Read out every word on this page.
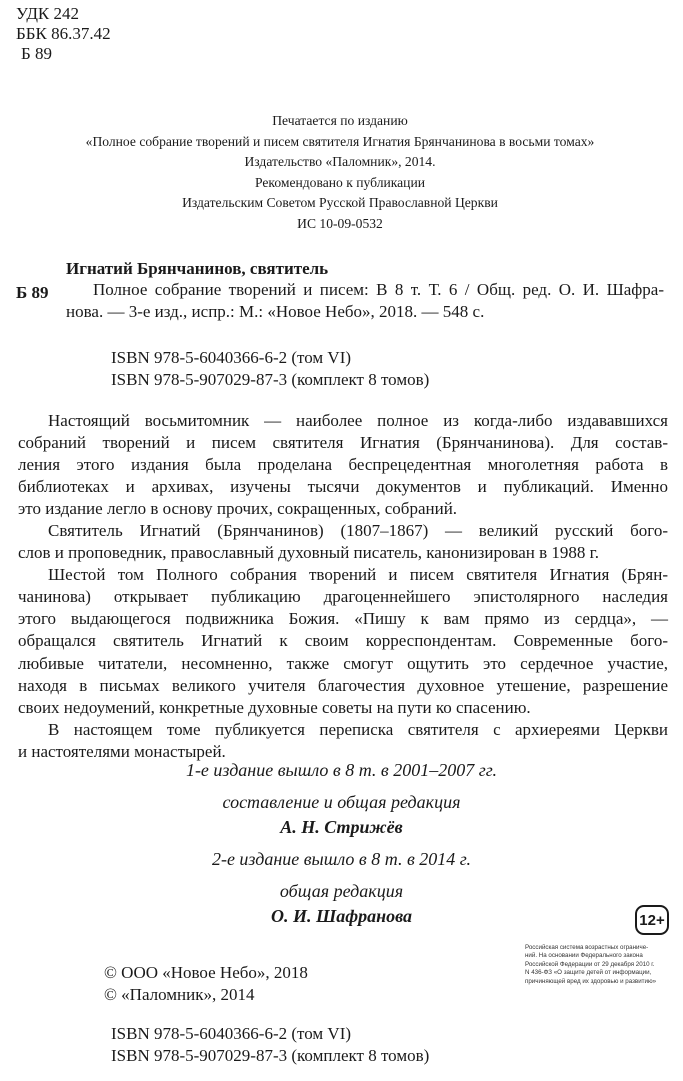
УДК 242
ББК 86.37.42
Б 89
Печатается по изданию
«Полное собрание творений и писем святителя Игнатия Брянчанинова в восьми томах»
Издательство «Паломник», 2014.
Рекомендовано к публикации
Издательским Советом Русской Православной Церкви
ИС 10-09-0532
Игнатий Брянчанинов, святитель
Б 89	Полное собрание творений и писем: В 8 т. Т. 6 / Общ. ред. О. И. Шафра-
нова. — 3-е изд., испр.: М.: «Новое Небо», 2018. — 548 с.
ISBN 978-5-6040366-6-2 (том VI)
ISBN 978-5-907029-87-3 (комплект 8 томов)
Настоящий восьмитомник — наиболее полное из когда-либо издававшихся
собраний творений и писем святителя Игнатия (Брянчанинова). Для состав-
ления этого издания была проделана беспрецедентная многолетняя работа в
библиотеках и архивах, изучены тысячи документов и публикаций. Именно
это издание легло в основу прочих, сокращенных, собраний.
Святитель Игнатий (Брянчанинов) (1807–1867) — великий русский бого-
слов и проповедник, православный духовный писатель, канонизирован в 1988 г.
Шестой том Полного собрания творений и писем святителя Игнатия (Брян-
чанинова) открывает публикацию драгоценнейшего эпистолярного наследия
этого выдающегося подвижника Божия. «Пишу к вам прямо из сердца», —
обращался святитель Игнатий к своим корреспондентам. Современные бого-
любивые читатели, несомненно, также смогут ощутить это сердечное участие,
находя в письмах великого учителя благочестия духовное утешение, разрешение
своих недоумений, конкретные духовные советы на пути ко спасению.
В настоящем томе публикуется переписка святителя с архиереями Церкви
и настоятелями монастырей.
1-е издание вышло в 8 т. в 2001–2007 гг.
составление и общая редакция
А. Н. Стрижёв
2-е издание вышло в 8 т. в 2014 г.
общая редакция
О. И. Шафранова	12+
Российская система возрастных ограниче-
ний. На основании Федерального закона
Российской Федерации от 29 декабря 2010 г.
N 436-ФЗ «О защите детей от информации,
причиняющей вред их здоровью и развитию»
© ООО «Новое Небо», 2018
© «Паломник», 2014
ISBN 978-5-6040366-6-2 (том VI)
ISBN 978-5-907029-87-3 (комплект 8 томов)
